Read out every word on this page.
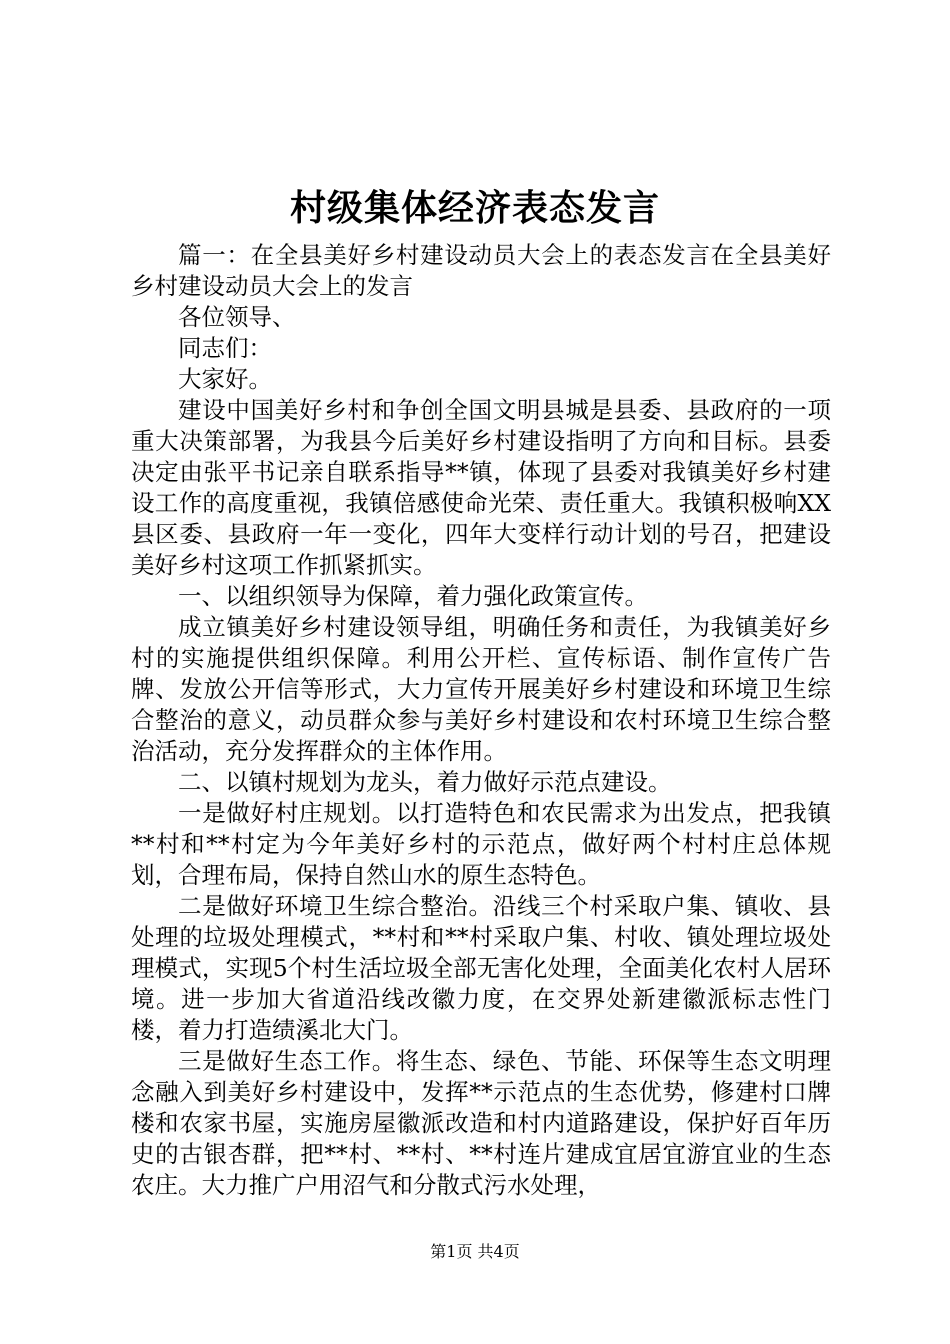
村级集体经济表态发言

篇一：在全县美好乡村建设动员大会上的表态发言在全县美好乡村建设动员大会上的发言

各位领导、

同志们：

大家好。

建设中国美好乡村和争创全国文明县城是县委、县政府的一项重大决策部署，为我县今后美好乡村建设指明了方向和目标。县委决定由张平书记亲自联系指导**镇，体现了县委对我镇美好乡村建设工作的高度重视，我镇倍感使命光荣、责任重大。我镇积极响XX县区委、县政府一年一变化，四年大变样行动计划的号召，把建设美好乡村这项工作抓紧抓实。

一、以组织领导为保障，着力强化政策宣传。

成立镇美好乡村建设领导组，明确任务和责任，为我镇美好乡村的实施提供组织保障。利用公开栏、宣传标语、制作宣传广告牌、发放公开信等形式，大力宣传开展美好乡村建设和环境卫生综合整治的意义，动员群众参与美好乡村建设和农村环境卫生综合整治活动，充分发挥群众的主体作用。

二、以镇村规划为龙头，着力做好示范点建设。

一是做好村庄规划。以打造特色和农民需求为出发点，把我镇**村和**村定为今年美好乡村的示范点，做好两个村村庄总体规划，合理布局，保持自然山水的原生态特色。

二是做好环境卫生综合整治。沿线三个村采取户集、镇收、县处理的垃圾处理模式，**村和**村采取户集、村收、镇处理垃圾处理模式，实现5个村生活垃圾全部无害化处理，全面美化农村人居环境。进一步加大省道沿线改徽力度，在交界处新建徽派标志性门楼，着力打造绩溪北大门。

三是做好生态工作。将生态、绿色、节能、环保等生态文明理念融入到美好乡村建设中，发挥**示范点的生态优势，修建村口牌楼和农家书屋，实施房屋徽派改造和村内道路建设，保护好百年历史的古银杏群，把**村、**村、**村连片建成宜居宜游宜业的生态农庄。大力推广户用沼气和分散式污水处理，

第1页 共4页
